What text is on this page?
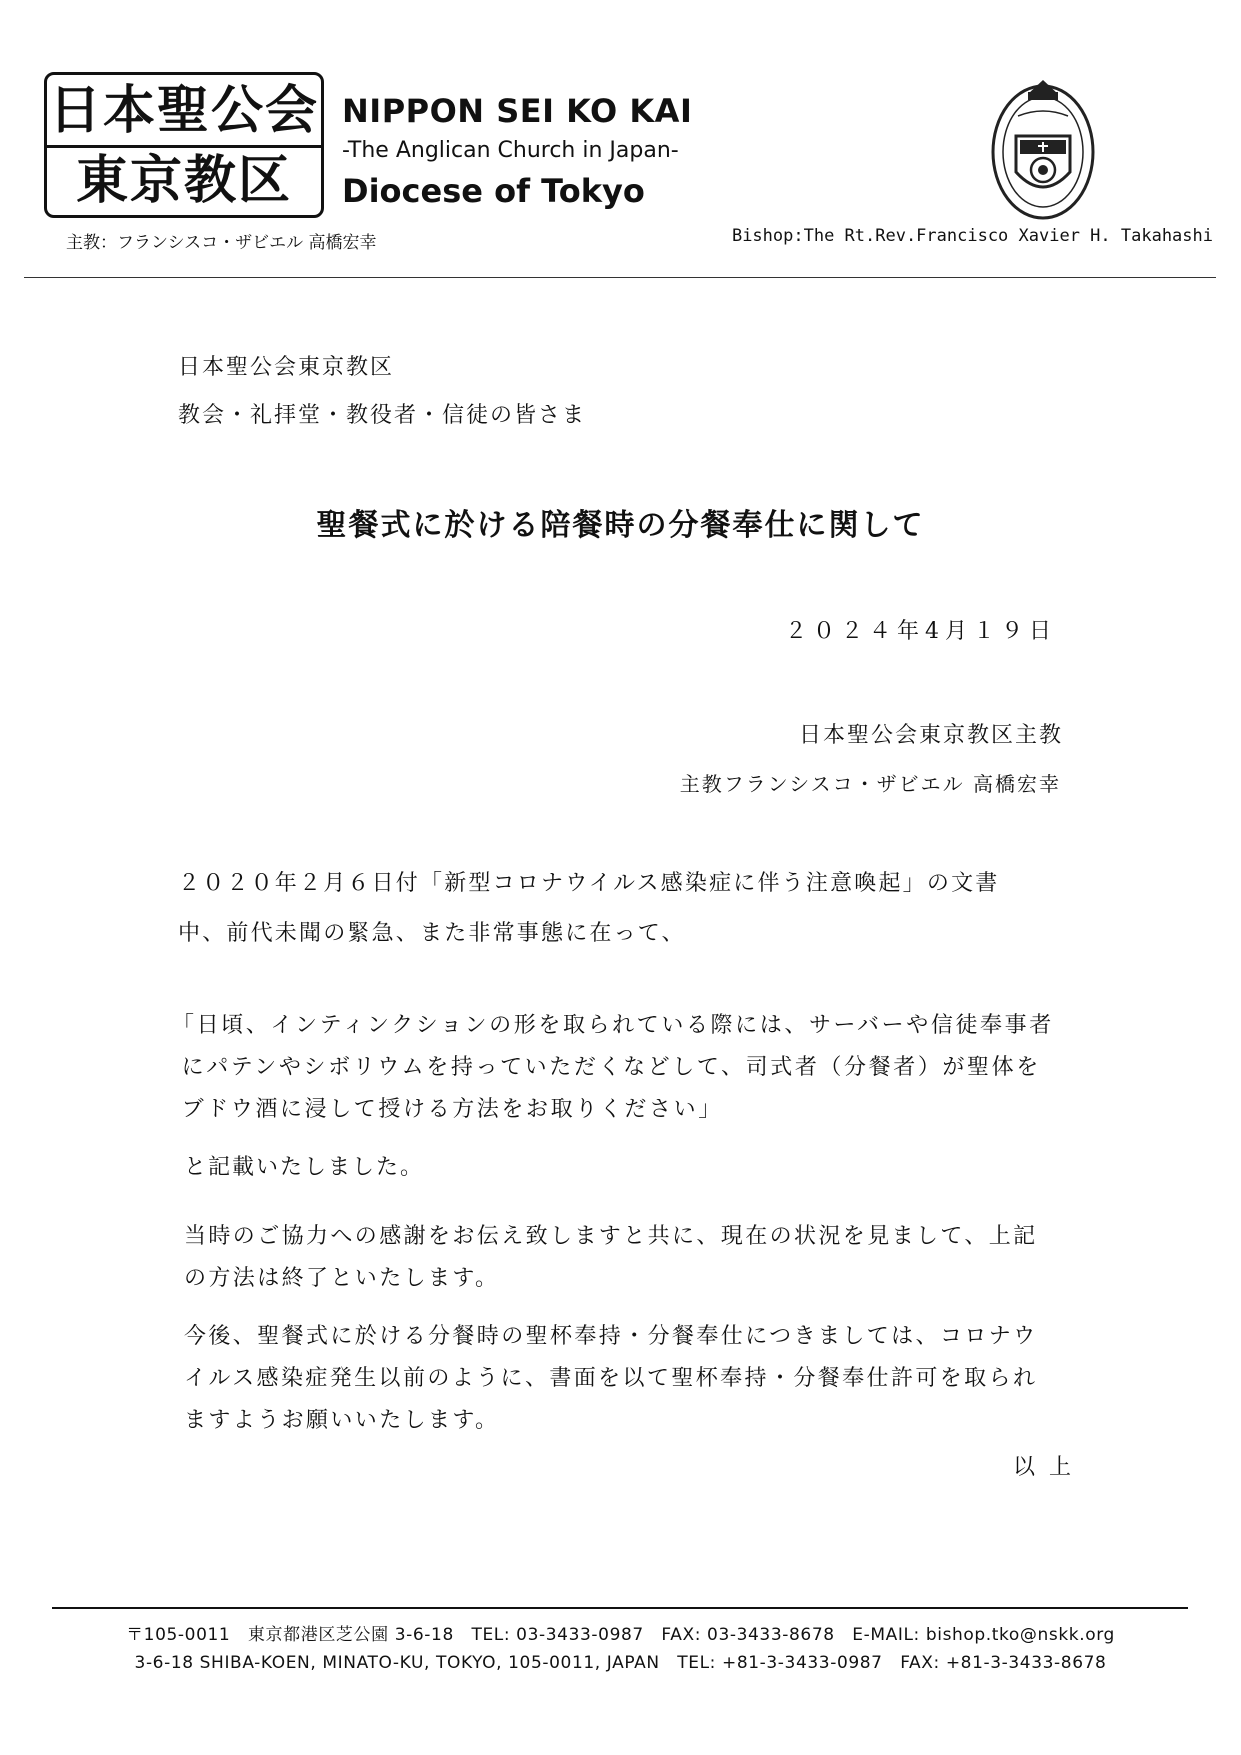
日本聖公会
東京教区
NIPPON SEI KO KAI
-The Anglican Church in Japan-
Diocese of Tokyo
主教：フランシスコ・ザビエル 高橋宏幸	Bishop:The Rt.Rev.Francisco Xavier H. Takahashi
日本聖公会東京教区
教会・礼拝堂・教役者・信徒の皆さま
聖餐式に於ける陪餐時の分餐奉仕に関して
２０２４年4月１９日
日本聖公会東京教区主教
主教フランシスコ・ザビエル 高橋宏幸
２０２０年２月６日付「新型コロナウイルス感染症に伴う注意喚起」の文書
中、前代未聞の緊急、また非常事態に在って、
「日頃、インティンクションの形を取られている際には、サーバーや信徒奉事者
にパテンやシボリウムを持っていただくなどして、司式者（分餐者）が聖体を
ブドウ酒に浸して授ける方法をお取りください」
と記載いたしました。
当時のご協力への感謝をお伝え致しますと共に、現在の状況を見まして、上記
の方法は終了といたします。
今後、聖餐式に於ける分餐時の聖杯奉持・分餐奉仕につきましては、コロナウ
イルス感染症発生以前のように、書面を以て聖杯奉持・分餐奉仕許可を取られ
ますようお願いいたします。
以上
〒105-0011　東京都港区芝公園 3-6-18　TEL: 03-3433-0987　FAX: 03-3433-8678　E-MAIL: bishop.tko@nskk.org
3-6-18 SHIBA-KOEN, MINATO-KU, TOKYO, 105-0011, JAPAN　TEL: +81-3-3433-0987　FAX: +81-3-3433-8678
